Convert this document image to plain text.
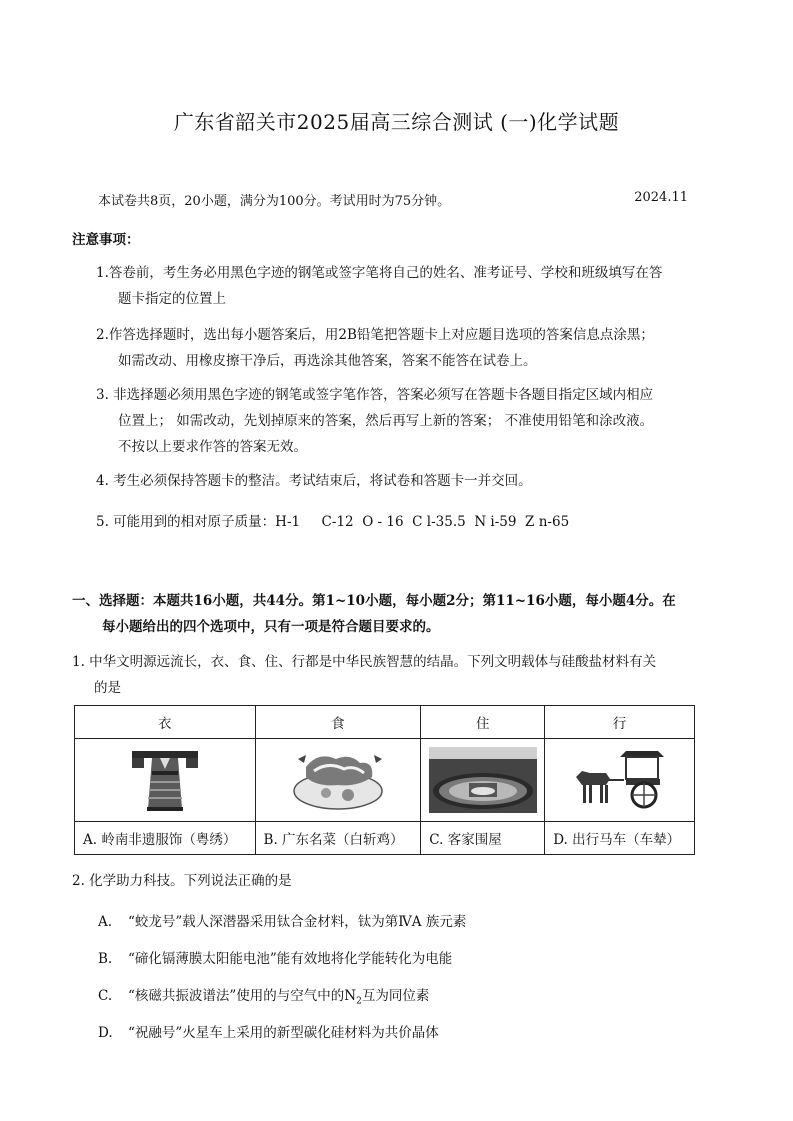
广东省韶关市2025届高三综合测试 (一)化学试题
本试卷共8页，20小题，满分为100分。考试用时为75分钟。	2024.11
注意事项：
1.答卷前，考生务必用黑色字迹的钢笔或签字笔将自己的姓名、准考证号、学校和班级填写在答
题卡指定的位置上
2.作答选择题时，选出每小题答案后，用2B铅笔把答题卡上对应题目选项的答案信息点涂黑；
如需改动、用橡皮擦干净后，再选涂其他答案，答案不能答在试卷上。
3. 非选择题必须用黑色字迹的钢笔或签字笔作答，答案必须写在答题卡各题目指定区域内相应
位置上； 如需改动，先划掉原来的答案，然后再写上新的答案； 不准使用铅笔和涂改液。
不按以上要求作答的答案无效。
4. 考生必须保持答题卡的整洁。考试结束后，将试卷和答题卡一并交回。
5. 可能用到的相对原子质量：H-1     C-12  O - 16  C l-35.5  N i-59  Z n-65
一、选择题：本题共16小题，共44分。第1~10小题，每小题2分；第11~16小题，每小题4分。在
每小题给出的四个选项中，只有一项是符合题目要求的。
1. 中华文明源远流长，衣、食、住、行都是中华民族智慧的结晶。下列文明载体与硅酸盐材料有关
的是
衣	食	住	行

A. 岭南非遗服饰（粤绣）	B. 广东名菜（白斩鸡）	C. 客家围屋	D. 出行马车（车辇）
2. 化学助力科技。下列说法正确的是
A. “蛟龙号”载人深潜器采用钛合金材料，钛为第ⅣA 族元素
B. “碲化镉薄膜太阳能电池”能有效地将化学能转化为电能
C. “核磁共振波谱法”使用的与空气中的$N_2$互为同位素
D. “祝融号”火星车上采用的新型碳化硅材料为共价晶体
